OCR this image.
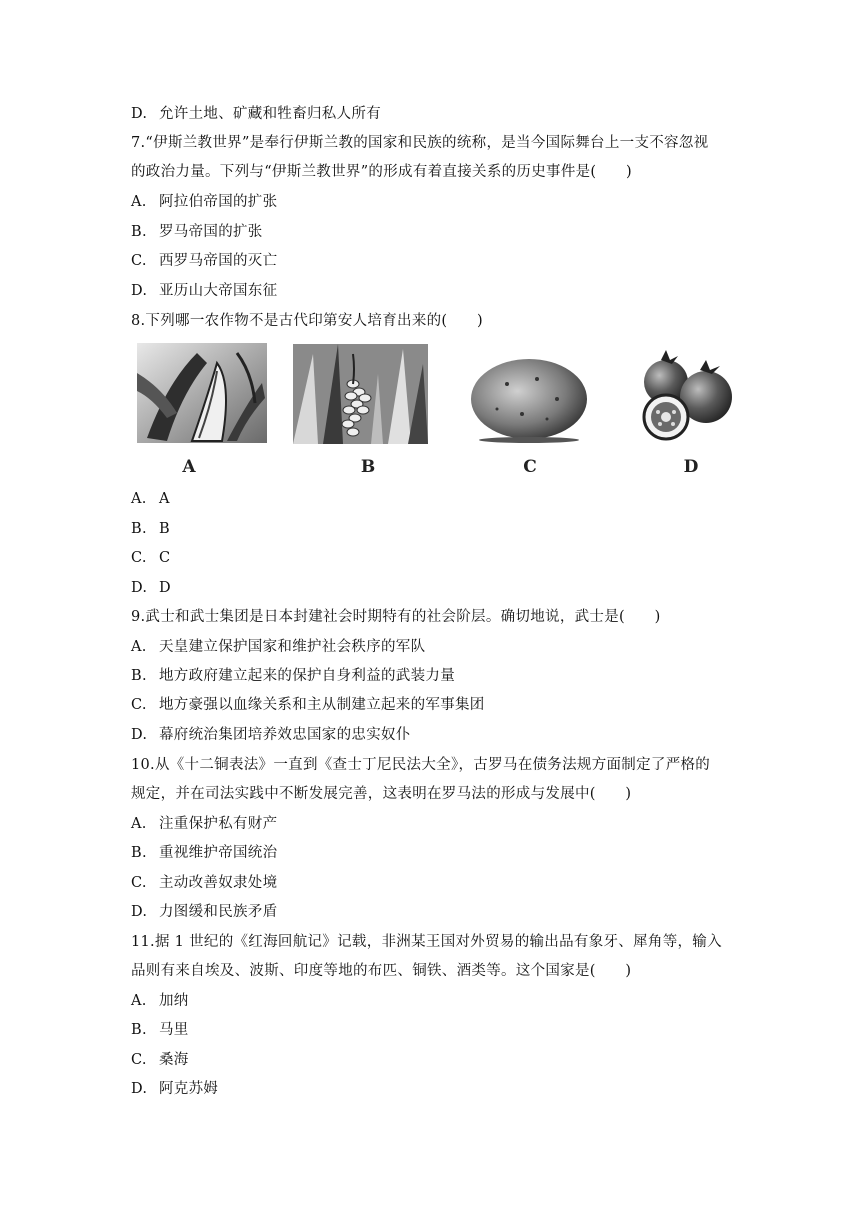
D. 允许土地、矿藏和牲畜归私人所有
7.“伊斯兰教世界”是奉行伊斯兰教的国家和民族的统称，是当今国际舞台上一支不容忽视
的政治力量。下列与“伊斯兰教世界”的形成有着直接关系的历史事件是(　　)
A. 阿拉伯帝国的扩张
B. 罗马帝国的扩张
C. 西罗马帝国的灭亡
D. 亚历山大帝国东征
8.下列哪一农作物不是古代印第安人培育出来的(　　)
A	B	C	D
A. A
B. B
C. C
D. D
9.武士和武士集团是日本封建社会时期特有的社会阶层。确切地说，武士是(　　)
A. 天皇建立保护国家和维护社会秩序的军队
B. 地方政府建立起来的保护自身利益的武装力量
C. 地方豪强以血缘关系和主从制建立起来的军事集团
D. 幕府统治集团培养效忠国家的忠实奴仆
10.从《十二铜表法》一直到《查士丁尼民法大全》，古罗马在债务法规方面制定了严格的
规定，并在司法实践中不断发展完善，这表明在罗马法的形成与发展中(　　)
A. 注重保护私有财产
B. 重视维护帝国统治
C. 主动改善奴隶处境
D. 力图缓和民族矛盾
11.据 1 世纪的《红海回航记》记载，非洲某王国对外贸易的输出品有象牙、犀角等，输入
品则有来自埃及、波斯、印度等地的布匹、铜铁、酒类等。这个国家是(　　)
A. 加纳
B. 马里
C. 桑海
D. 阿克苏姆
